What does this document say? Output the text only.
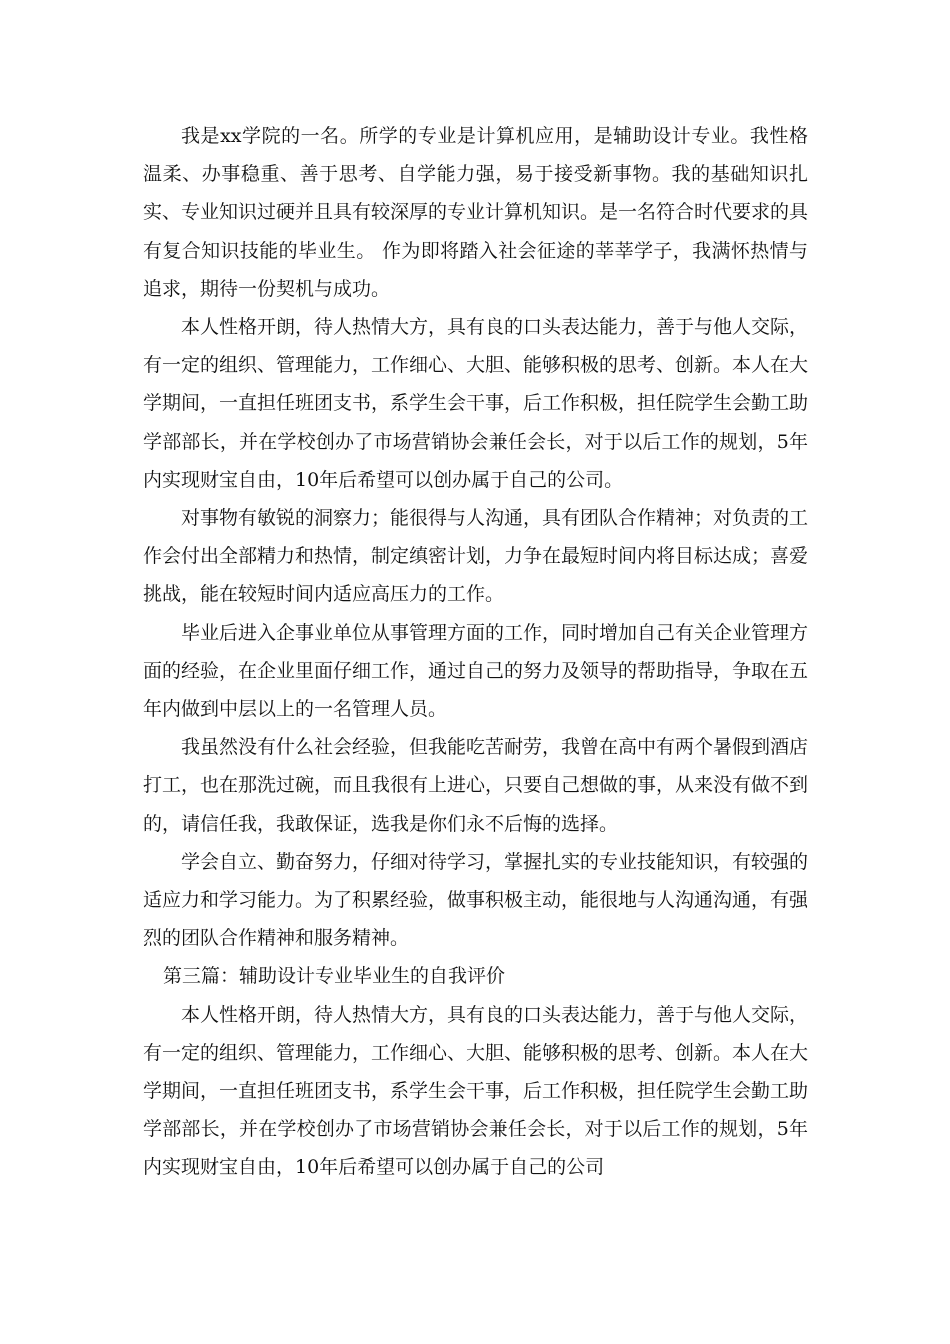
我是xx学院的一名。所学的专业是计算机应用，是辅助设计专业。我性格温柔、办事稳重、善于思考、自学能力强，易于接受新事物。我的基础知识扎实、专业知识过硬并且具有较深厚的专业计算机知识。是一名符合时代要求的具有复合知识技能的毕业生。 作为即将踏入社会征途的莘莘学子，我满怀热情与追求，期待一份契机与成功。

本人性格开朗，待人热情大方，具有良的口头表达能力，善于与他人交际，有一定的组织、管理能力，工作细心、大胆、能够积极的思考、创新。本人在大学期间，一直担任班团支书，系学生会干事，后工作积极，担任院学生会勤工助学部部长，并在学校创办了市场营销协会兼任会长，对于以后工作的规划，5年内实现财宝自由，10年后希望可以创办属于自己的公司。

对事物有敏锐的洞察力；能很得与人沟通，具有团队合作精神；对负责的工作会付出全部精力和热情，制定缜密计划，力争在最短时间内将目标达成；喜爱挑战，能在较短时间内适应高压力的工作。

毕业后进入企事业单位从事管理方面的工作，同时增加自己有关企业管理方面的经验，在企业里面仔细工作，通过自己的努力及领导的帮助指导，争取在五年内做到中层以上的一名管理人员。

我虽然没有什么社会经验，但我能吃苦耐劳，我曾在高中有两个暑假到酒店打工，也在那洗过碗，而且我很有上进心，只要自己想做的事，从来没有做不到的，请信任我，我敢保证，选我是你们永不后悔的选择。

学会自立、勤奋努力，仔细对待学习，掌握扎实的专业技能知识，有较强的适应力和学习能力。为了积累经验，做事积极主动，能很地与人沟通沟通，有强烈的团队合作精神和服务精神。

第三篇：辅助设计专业毕业生的自我评价

本人性格开朗，待人热情大方，具有良的口头表达能力，善于与他人交际，有一定的组织、管理能力，工作细心、大胆、能够积极的思考、创新。本人在大学期间，一直担任班团支书，系学生会干事，后工作积极，担任院学生会勤工助学部部长，并在学校创办了市场营销协会兼任会长，对于以后工作的规划，5年内实现财宝自由，10年后希望可以创办属于自己的公司
